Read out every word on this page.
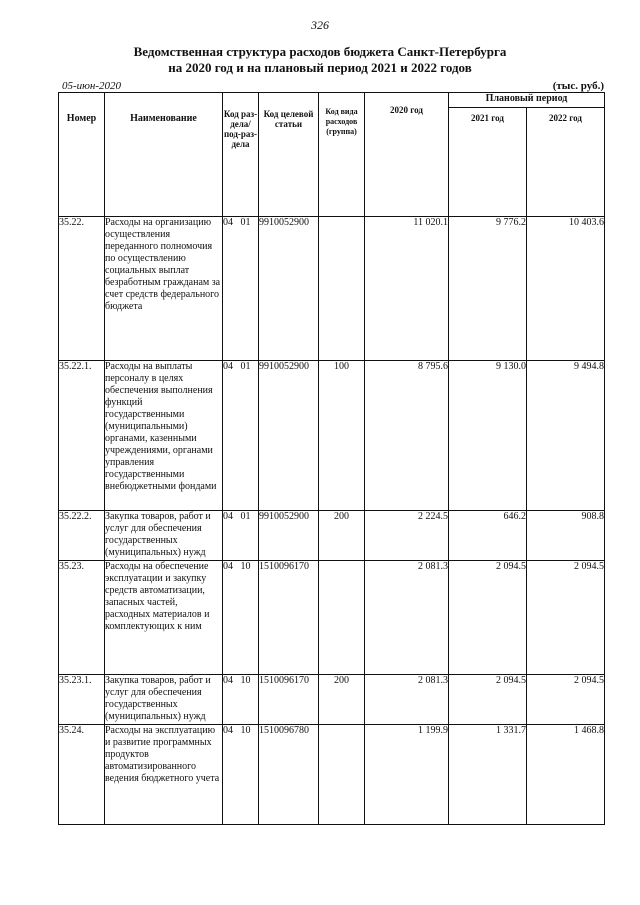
326
Ведомственная структура расходов бюджета Санкт-Петербурга
на 2020 год и на плановый период 2021 и 2022 годов
05-июн-2020	(тыс. руб.)
Номер	Наименование	Код раз-дела/ под-раз-дела	Код целевой статьи	Код вида расходов (группа)	2020 год	Плановый период	
						2021 год	2022 год
35.22.	Расходы на организацию осуществления переданного полномочия по осуществлению социальных выплат безработным гражданам за счет средств федерального бюджета	04   01	9910052900		11 020.1	9 776.2	10 403.6
35.22.1.	Расходы на выплаты персоналу в целях обеспечения выполнения функций государственными (муниципальными) органами, казенными учреждениями, органами управления государственными внебюджетными фондами	04   01	9910052900	100	8 795.6	9 130.0	9 494.8
35.22.2.	Закупка товаров, работ и услуг для обеспечения государственных (муниципальных) нужд	04   01	9910052900	200	2 224.5	646.2	908.8
35.23.	Расходы на обеспечение эксплуатации и закупку средств автоматизации, запасных частей, расходных материалов и комплектующих к ним	04   10	1510096170		2 081.3	2 094.5	2 094.5
35.23.1.	Закупка товаров, работ и услуг для обеспечения государственных (муниципальных) нужд	04   10	1510096170	200	2 081.3	2 094.5	2 094.5
35.24.	Расходы на эксплуатацию и развитие программных продуктов автоматизированного ведения бюджетного учета	04   10	1510096780		1 199.9	1 331.7	1 468.8
